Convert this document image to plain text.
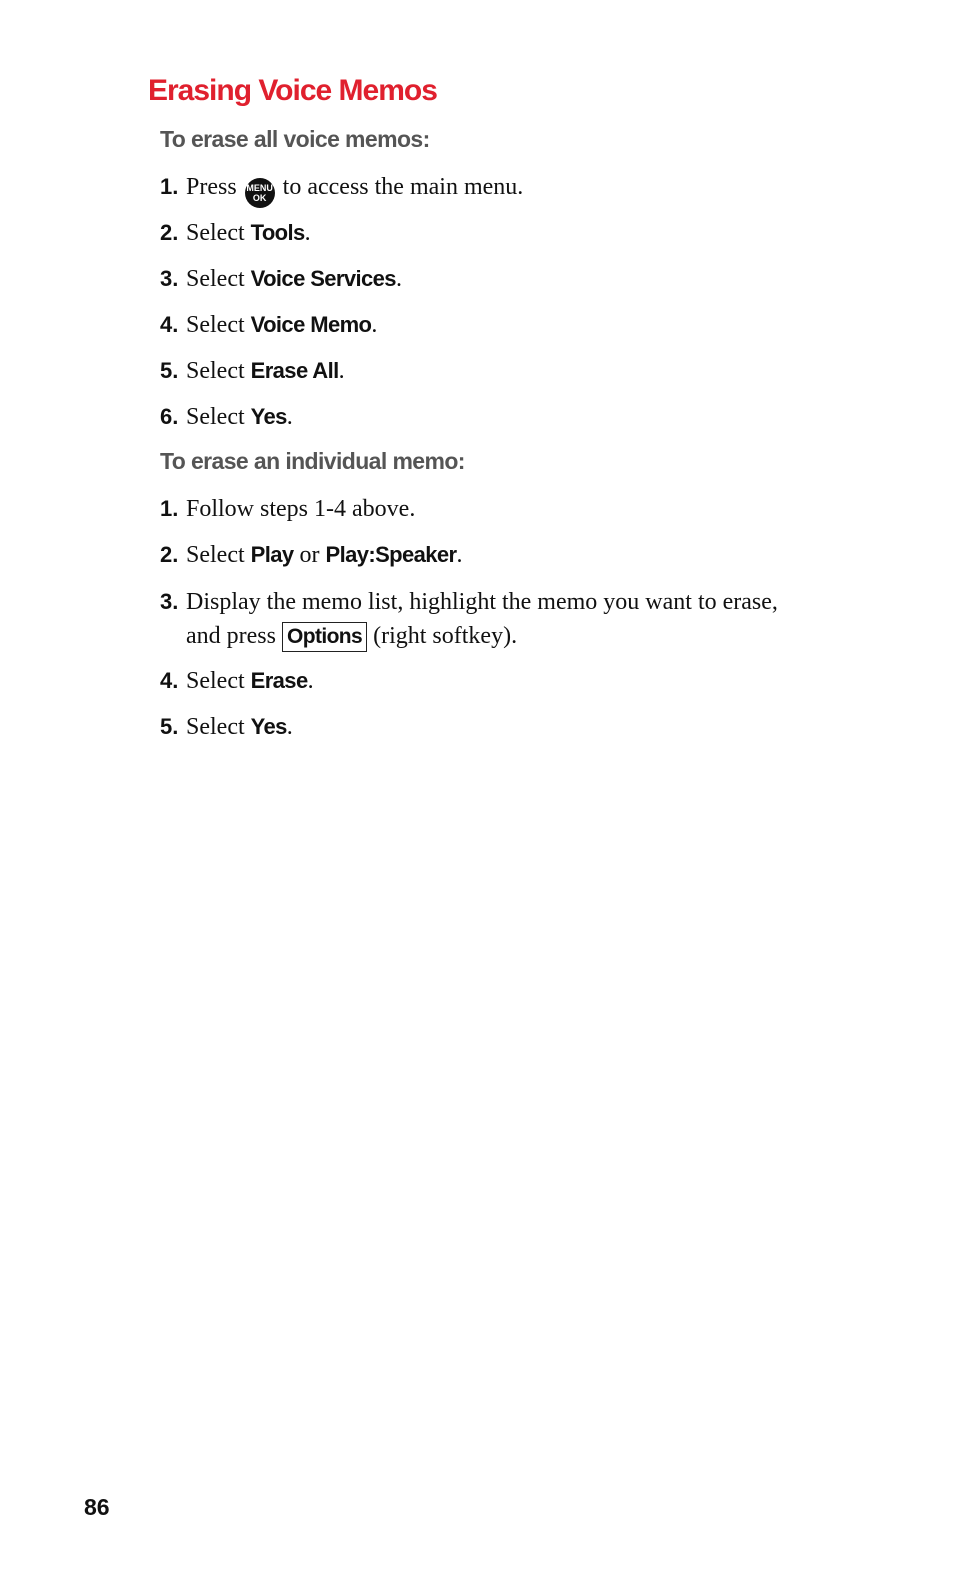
Erasing Voice Memos
To erase all voice memos:
1. Press MENU
OK to access the main menu.
2. Select Tools.
3. Select Voice Services.
4. Select Voice Memo.
5. Select Erase All.
6. Select Yes.
To erase an individual memo:
1. Follow steps 1-4 above.
2. Select Play or Play:Speaker.
3. Display the memo list, highlight the memo you want to erase,
and press Options (right softkey).
4. Select Erase.
5. Select Yes.
86
